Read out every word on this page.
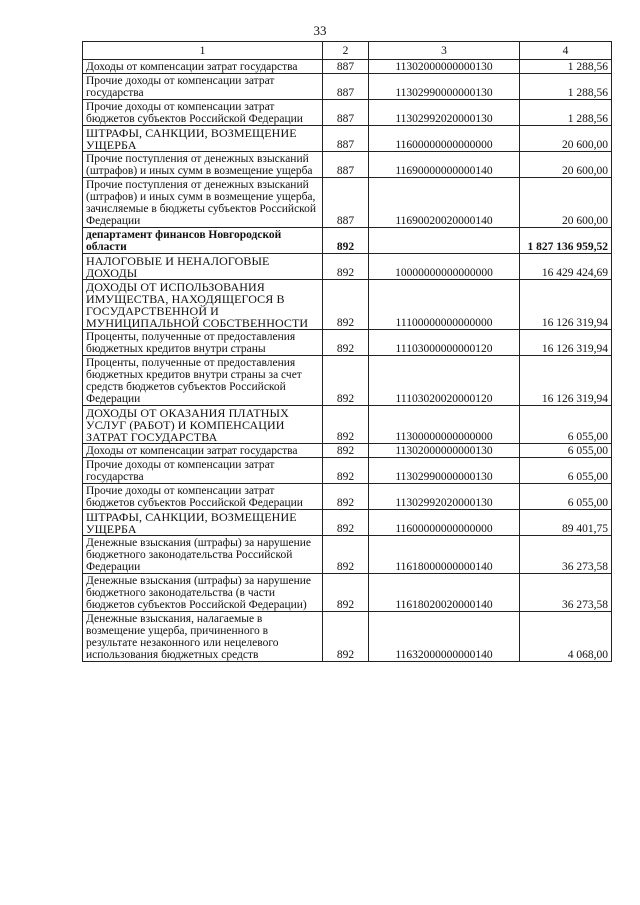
33
1	2	3	4
Доходы от компенсации затрат государства	887	11302000000000130	1 288,56
Прочие доходы от компенсации затрат государства	887	11302990000000130	1 288,56
Прочие доходы от компенсации затрат бюджетов субъектов Российской Федерации	887	11302992020000130	1 288,56
ШТРАФЫ, САНКЦИИ, ВОЗМЕЩЕНИЕ УЩЕРБА	887	11600000000000000	20 600,00
Прочие поступления от денежных взысканий (штрафов) и иных сумм в возмещение ущерба	887	11690000000000140	20 600,00
Прочие поступления от денежных взысканий (штрафов) и иных сумм в возмещение ущерба, зачисляемые в бюджеты субъектов Российской Федерации	887	11690020020000140	20 600,00
департамент финансов Новгородской области	892		1 827 136 959,52
НАЛОГОВЫЕ И НЕНАЛОГОВЫЕ ДОХОДЫ	892	10000000000000000	16 429 424,69
ДОХОДЫ ОТ ИСПОЛЬЗОВАНИЯ ИМУЩЕСТВА, НАХОДЯЩЕГОСЯ В ГОСУДАРСТВЕННОЙ И МУНИЦИПАЛЬНОЙ СОБСТВЕННОСТИ	892	11100000000000000	16 126 319,94
Проценты, полученные от предоставления бюджетных кредитов внутри страны	892	11103000000000120	16 126 319,94
Проценты, полученные от предоставления бюджетных кредитов внутри страны за счет средств бюджетов субъектов Российской Федерации	892	11103020020000120	16 126 319,94
ДОХОДЫ ОТ ОКАЗАНИЯ ПЛАТНЫХ УСЛУГ (РАБОТ) И КОМПЕНСАЦИИ ЗАТРАТ ГОСУДАРСТВА	892	11300000000000000	6 055,00
Доходы от компенсации затрат государства	892	11302000000000130	6 055,00
Прочие доходы от компенсации затрат государства	892	11302990000000130	6 055,00
Прочие доходы от компенсации затрат бюджетов субъектов Российской Федерации	892	11302992020000130	6 055,00
ШТРАФЫ, САНКЦИИ, ВОЗМЕЩЕНИЕ УЩЕРБА	892	11600000000000000	89 401,75
Денежные взыскания (штрафы) за нарушение бюджетного законодательства Российской Федерации	892	11618000000000140	36 273,58
Денежные взыскания (штрафы) за нарушение бюджетного законодательства (в части бюджетов субъектов Российской Федерации)	892	11618020020000140	36 273,58
Денежные взыскания, налагаемые в возмещение ущерба, причиненного в результате незаконного или нецелевого использования бюджетных средств	892	11632000000000140	4 068,00
